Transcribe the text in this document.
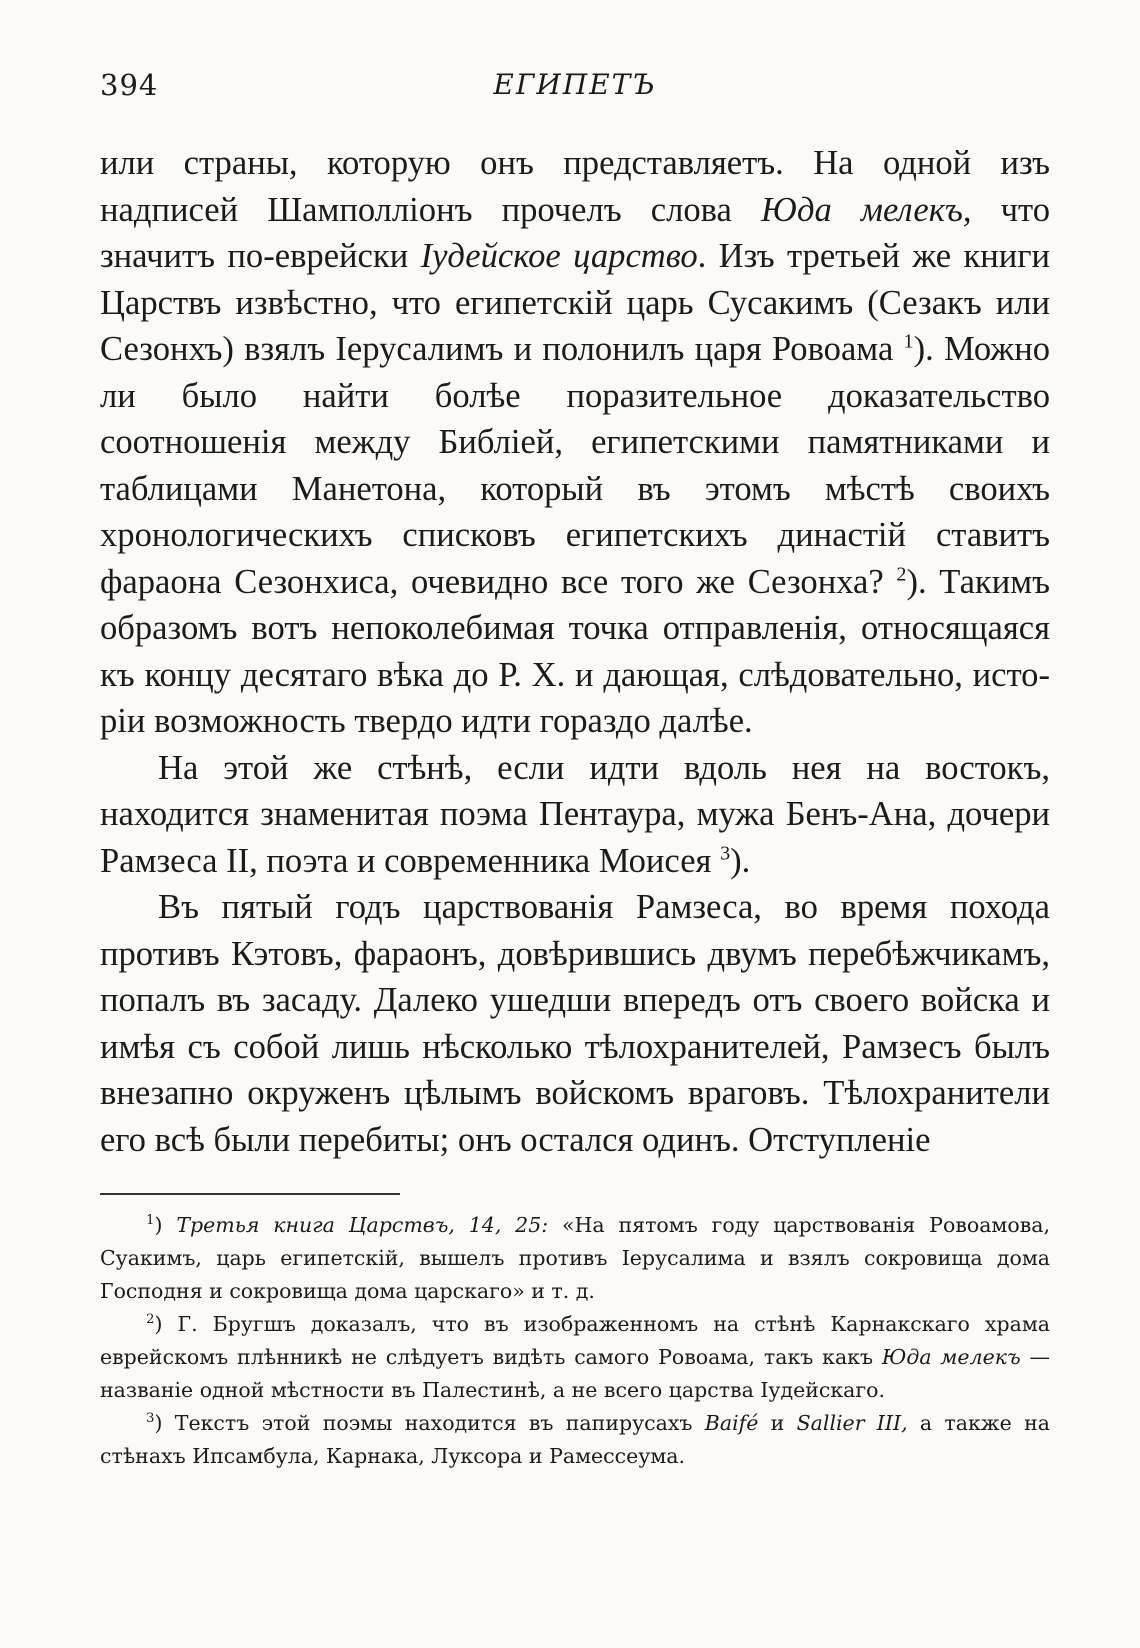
394	ЕГИПЕТЪ

или страны, которую онъ представляетъ. На одной изъ надписей Шамполліонъ прочелъ слова Юда мелекъ, что значитъ по-еврейски Іудейское царство. Изъ третьей же книги Царствъ извѣстно, что египетскій царь Сусакимъ (Сезакъ или Сезонхъ) взялъ Іерусалимъ и полонилъ царя Ровоама $^1$). Можно ли было найти болѣе поразительное доказательство соотношенія между Библіей, египетскими памятниками и таблицами Манетона, который въ этомъ мѣстѣ своихъ хронологическихъ списковъ египетскихъ династій ставитъ фараона Сезонхиса, очевидно все того же Сезонха? $^2$). Такимъ образомъ вотъ непоколебимая точка отправленія, относящаяся къ концу десятаго вѣка до Р. Х. и дающая, слѣдовательно, исторіи возможность твердо идти гораздо далѣе.

На этой же стѣнѣ, если идти вдоль нея на востокъ, находится знаменитая поэма Пентаура, мужа Бенъ-Ана, дочери Рамзеса II, поэта и современника Моисея $^3$).

Въ пятый годъ царствованія Рамзеса, во время похода противъ Кэтовъ, фараонъ, довѣрившись двумъ перебѣжчикамъ, попалъ въ засаду. Далеко ушедши впередъ отъ своего войска и имѣя съ собой лишь нѣсколько тѣлохранителей, Рамзесъ былъ внезапно окруженъ цѣлымъ войскомъ враговъ. Тѣлохранители его всѣ были перебиты; онъ остался одинъ. Отступленіе

$^1$) Третья книга Царствъ, 14, 25: «На пятомъ году царствованія Ровоамова, Суакимъ, царь египетскій, вышелъ противъ Іерусалима и взялъ сокровища дома Господня и сокровища дома царскаго» и т. д.

$^2$) Г. Бругшъ доказалъ, что въ изображенномъ на стѣнѣ Карнакскаго храма еврейскомъ плѣнникѣ не слѣдуетъ видѣть самого Ровоама, такъ какъ Юда мелекъ — названіе одной мѣстности въ Палестинѣ, а не всего царства Іудейскаго.

$^3$) Текстъ этой поэмы находится въ папирусахъ Baifé и Sallier III, а также на стѣнахъ Ипсамбула, Карнака, Луксора и Рамессеума.
